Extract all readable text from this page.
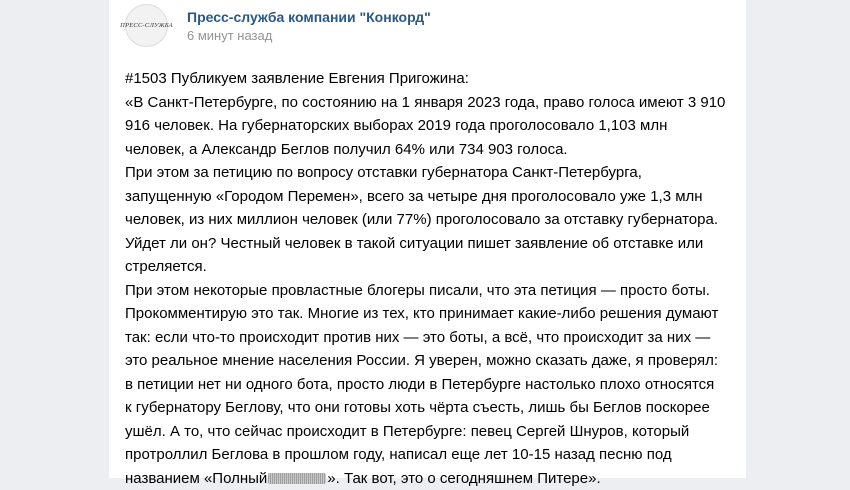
ПРЕСС-СЛУЖБА
Пресс-служба компании "Конкорд"
6 минут назад
#1503 Публикуем заявление Евгения Пригожина:
«В Санкт-Петербурге, по состоянию на 1 января 2023 года, право голоса имеют 3 910
916 человек. На губернаторских выборах 2019 года проголосовало 1,103 млн
человек, а Александр Беглов получил 64% или 734 903 голоса.
При этом за петицию по вопросу отставки губернатора Санкт-Петербурга,
запущенную «Городом Перемен», всего за четыре дня проголосовало уже 1,3 млн
человек, из них миллион человек (или 77%) проголосовало за отставку губернатора.
Уйдет ли он? Честный человек в такой ситуации пишет заявление об отставке или
стреляется.
При этом некоторые провластные блогеры писали, что эта петиция — просто боты.
Прокомментирую это так. Многие из тех, кто принимает какие-либо решения думают
так: если что-то происходит против них — это боты, а всё, что происходит за них —
это реальное мнение населения России. Я уверен, можно сказать даже, я проверял:
в петиции нет ни одного бота, просто люди в Петербурге настолько плохо относятся
к губернатору Беглову, что они готовы хоть чёрта съесть, лишь бы Беглов поскорее
ушёл. А то, что сейчас происходит в Петербурге: певец Сергей Шнуров, который
протроллил Беглова в прошлом году, написал еще лет 10-15 назад песню под
названием «Полный	». Так вот, это о сегодняшнем Питере».
